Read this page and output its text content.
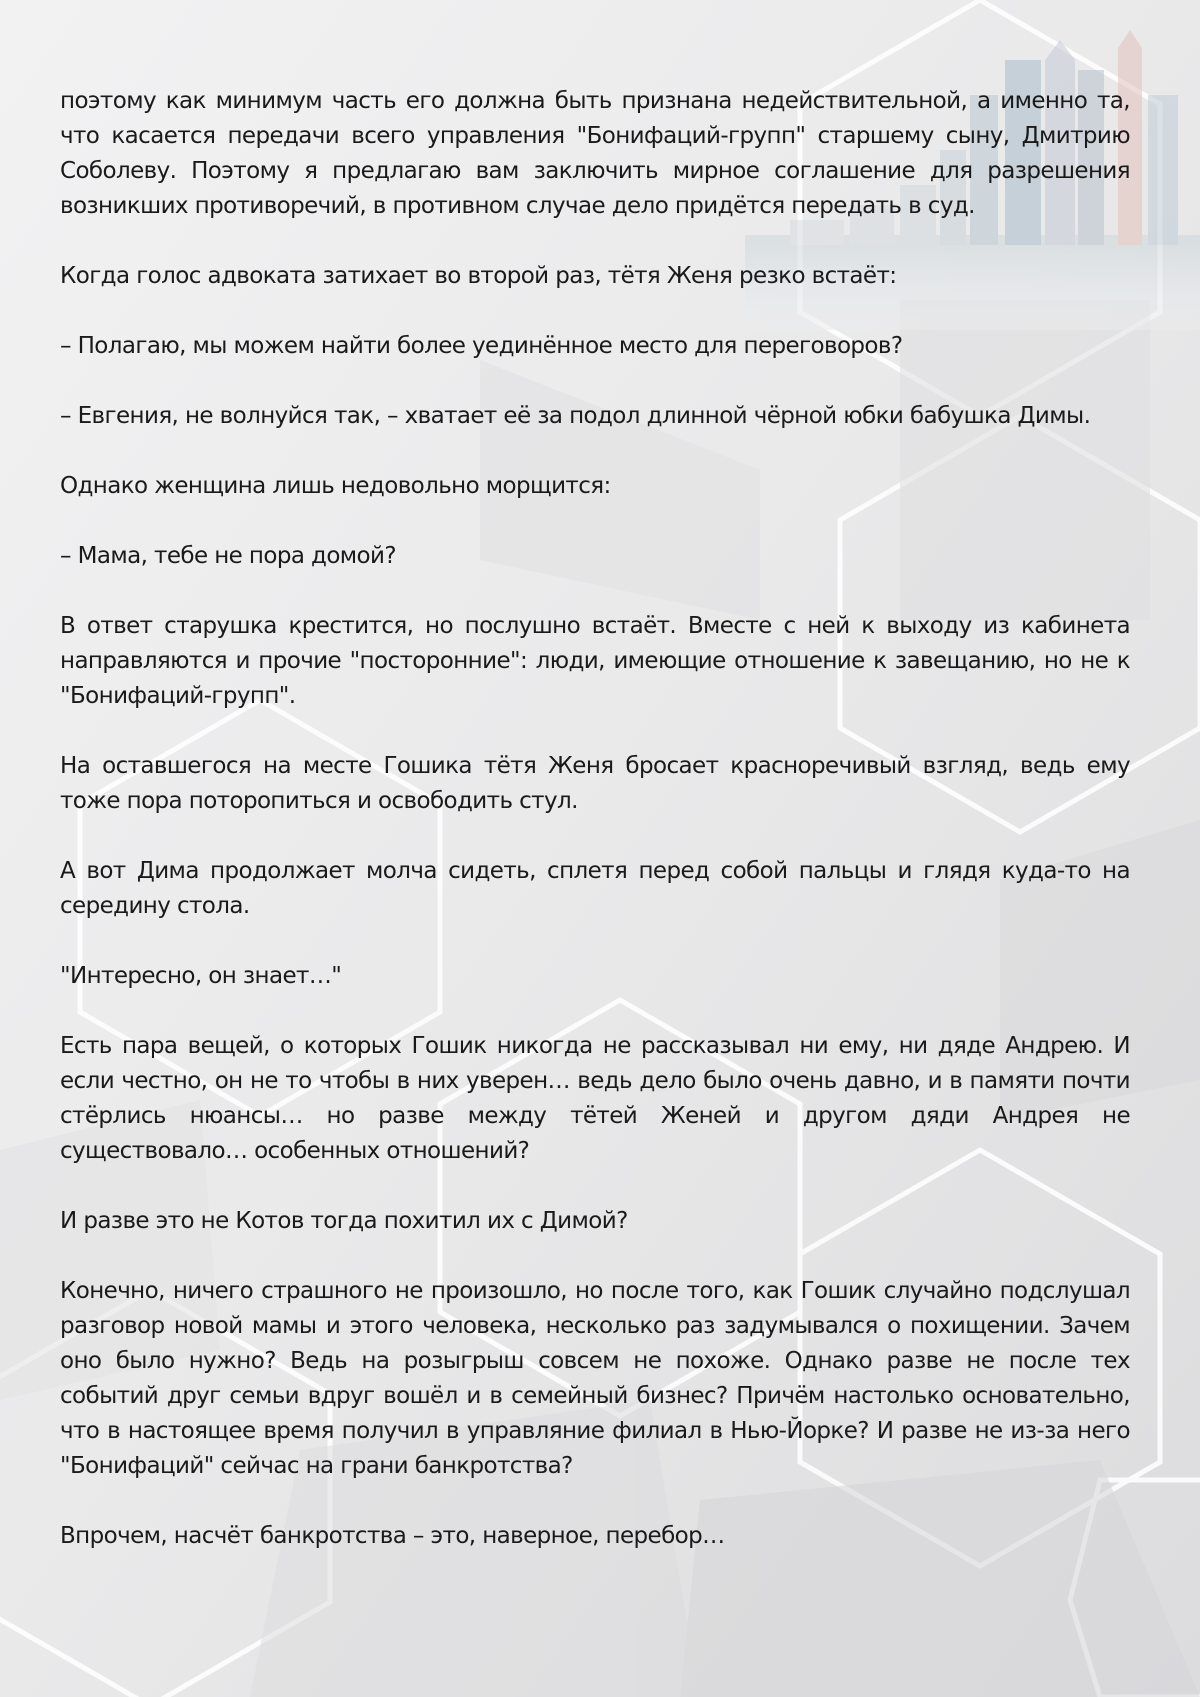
поэтому как минимум часть его должна быть признана недействительной, а именно та, что касается передачи всего управления "Бонифаций-групп" старшему сыну, Дмитрию Соболеву. Поэтому я предлагаю вам заключить мирное соглашение для разрешения возникших противоречий, в противном случае дело придётся передать в суд.

Когда голос адвоката затихает во второй раз, тётя Женя резко встаёт:

– Полагаю, мы можем найти более уединённое место для переговоров?

– Евгения, не волнуйся так, – хватает её за подол длинной чёрной юбки бабушка Димы.

Однако женщина лишь недовольно морщится:

– Мама, тебе не пора домой?

В ответ старушка крестится, но послушно встаёт. Вместе с ней к выходу из кабинета направляются и прочие "посторонние": люди, имеющие отношение к завещанию, но не к "Бонифаций-групп".

На оставшегося на месте Гошика тётя Женя бросает красноречивый взгляд, ведь ему тоже пора поторопиться и освободить стул.

А вот Дима продолжает молча сидеть, сплетя перед собой пальцы и глядя куда-то на середину стола.

"Интересно, он знает…"

Есть пара вещей, о которых Гошик никогда не рассказывал ни ему, ни дяде Андрею. И если честно, он не то чтобы в них уверен… ведь дело было очень давно, и в памяти почти стёрлись нюансы… но разве между тётей Женей и другом дяди Андрея не существовало… особенных отношений?

И разве это не Котов тогда похитил их с Димой?

Конечно, ничего страшного не произошло, но после того, как Гошик случайно подслушал разговор новой мамы и этого человека, несколько раз задумывался о похищении. Зачем оно было нужно? Ведь на розыгрыш совсем не похоже. Однако разве не после тех событий друг семьи вдруг вошёл и в семейный бизнес? Причём настолько основательно, что в настоящее время получил в управляние филиал в Нью-Йорке? И разве не из-за него "Бонифаций" сейчас на грани банкротства?

Впрочем, насчёт банкротства – это, наверное, перебор…
